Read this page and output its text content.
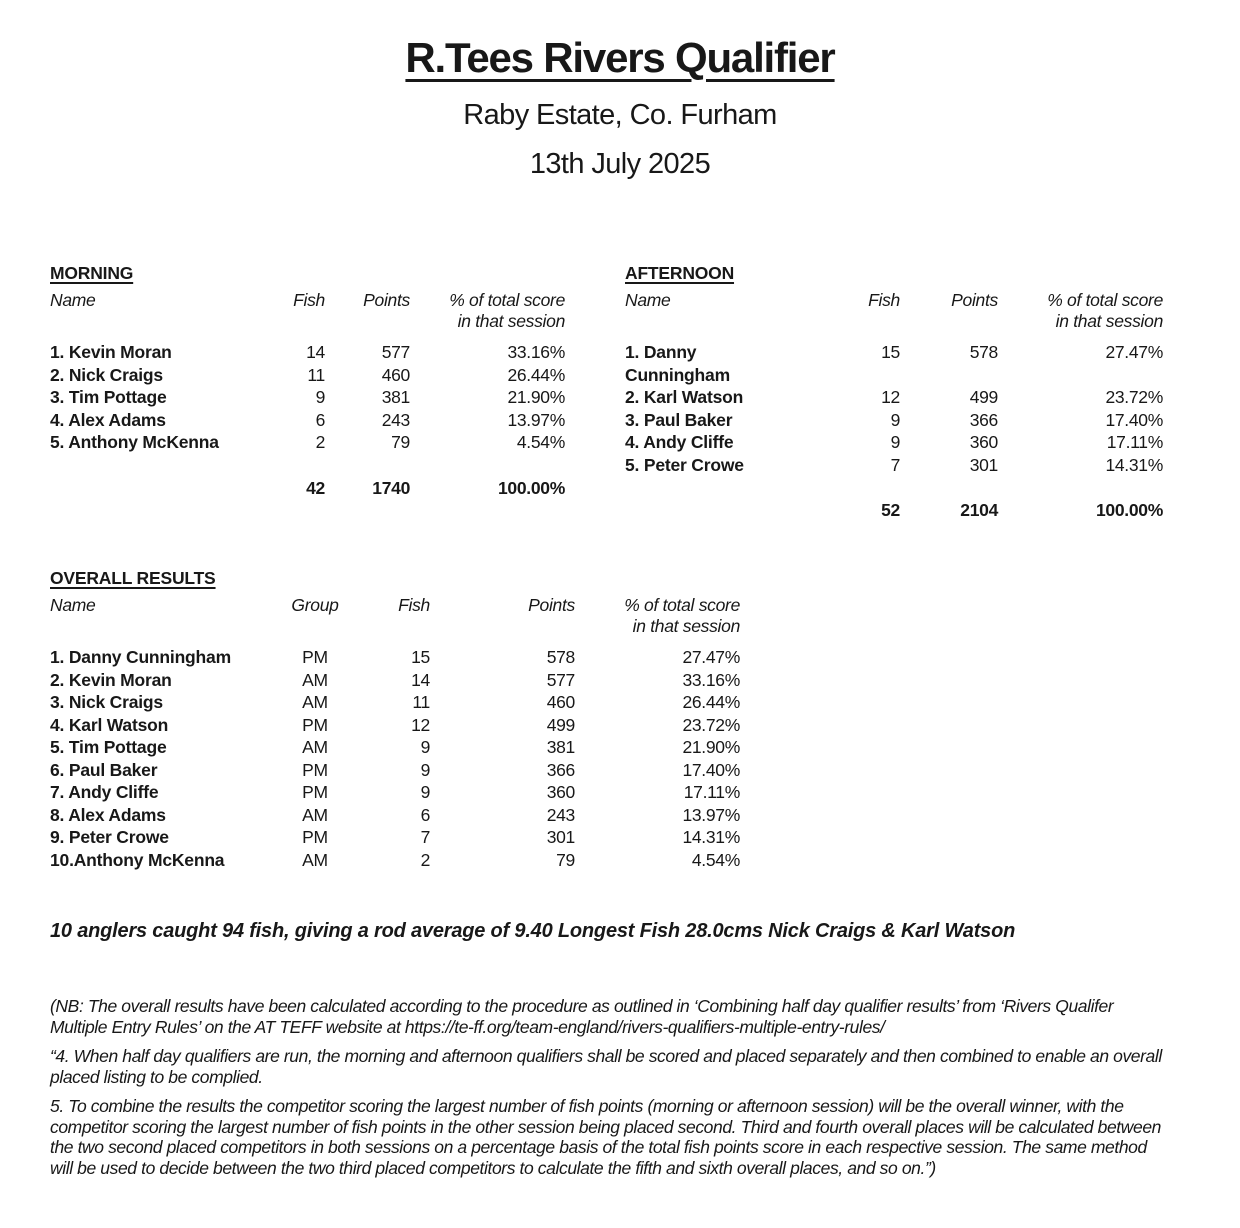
R.Tees Rivers Qualifier
Raby Estate, Co. Furham
13th July 2025
MORNING
Name	Fish	Points	% of total score
in that session
1. Kevin Moran	14	577	33.16%
2. Nick Craigs	11	460	26.44%
3. Tim Pottage	9	381	21.90%
4. Alex Adams	6	243	13.97%
5. Anthony McKenna	2	79	4.54%
	42	1740	100.00%
AFTERNOON
Name	Fish	Points	% of total score
in that session
1. Danny Cunningham	15	578	27.47%
2. Karl Watson	12	499	23.72%
3. Paul Baker	9	366	17.40%
4. Andy Cliffe	9	360	17.11%
5. Peter Crowe	7	301	14.31%
	52	2104	100.00%
OVERALL RESULTS
Name	Group	Fish	Points	% of total score
in that session
1. Danny Cunningham	PM	15	578	27.47%
2. Kevin Moran	AM	14	577	33.16%
3. Nick Craigs	AM	11	460	26.44%
4. Karl Watson	PM	12	499	23.72%
5. Tim Pottage	AM	9	381	21.90%
6. Paul Baker	PM	9	366	17.40%
7. Andy Cliffe	PM	9	360	17.11%
8. Alex Adams	AM	6	243	13.97%
9. Peter Crowe	PM	7	301	14.31%
10.Anthony McKenna	AM	2	79	4.54%
10 anglers caught 94 fish, giving a rod average of 9.40 Longest Fish 28.0cms Nick Craigs & Karl Watson

(NB: The overall results have been calculated according to the procedure as outlined in ‘Combining half day qualifier results’ from ‘Rivers Qualifer Multiple Entry Rules’ on the AT TEFF website at https://te-ff.org/team-england/rivers-qualifiers-multiple-entry-rules/

“4. When half day qualifiers are run, the morning and afternoon qualifiers shall be scored and placed separately and then combined to enable an overall placed listing to be complied.

5. To combine the results the competitor scoring the largest number of fish points (morning or afternoon session) will be the overall winner, with the competitor scoring the largest number of fish points in the other session being placed second. Third and fourth overall places will be calculated between the two second placed competitors in both sessions on a percentage basis of the total fish points score in each respective session. The same method will be used to decide between the two third placed competitors to calculate the fifth and sixth overall places, and so on.”)
